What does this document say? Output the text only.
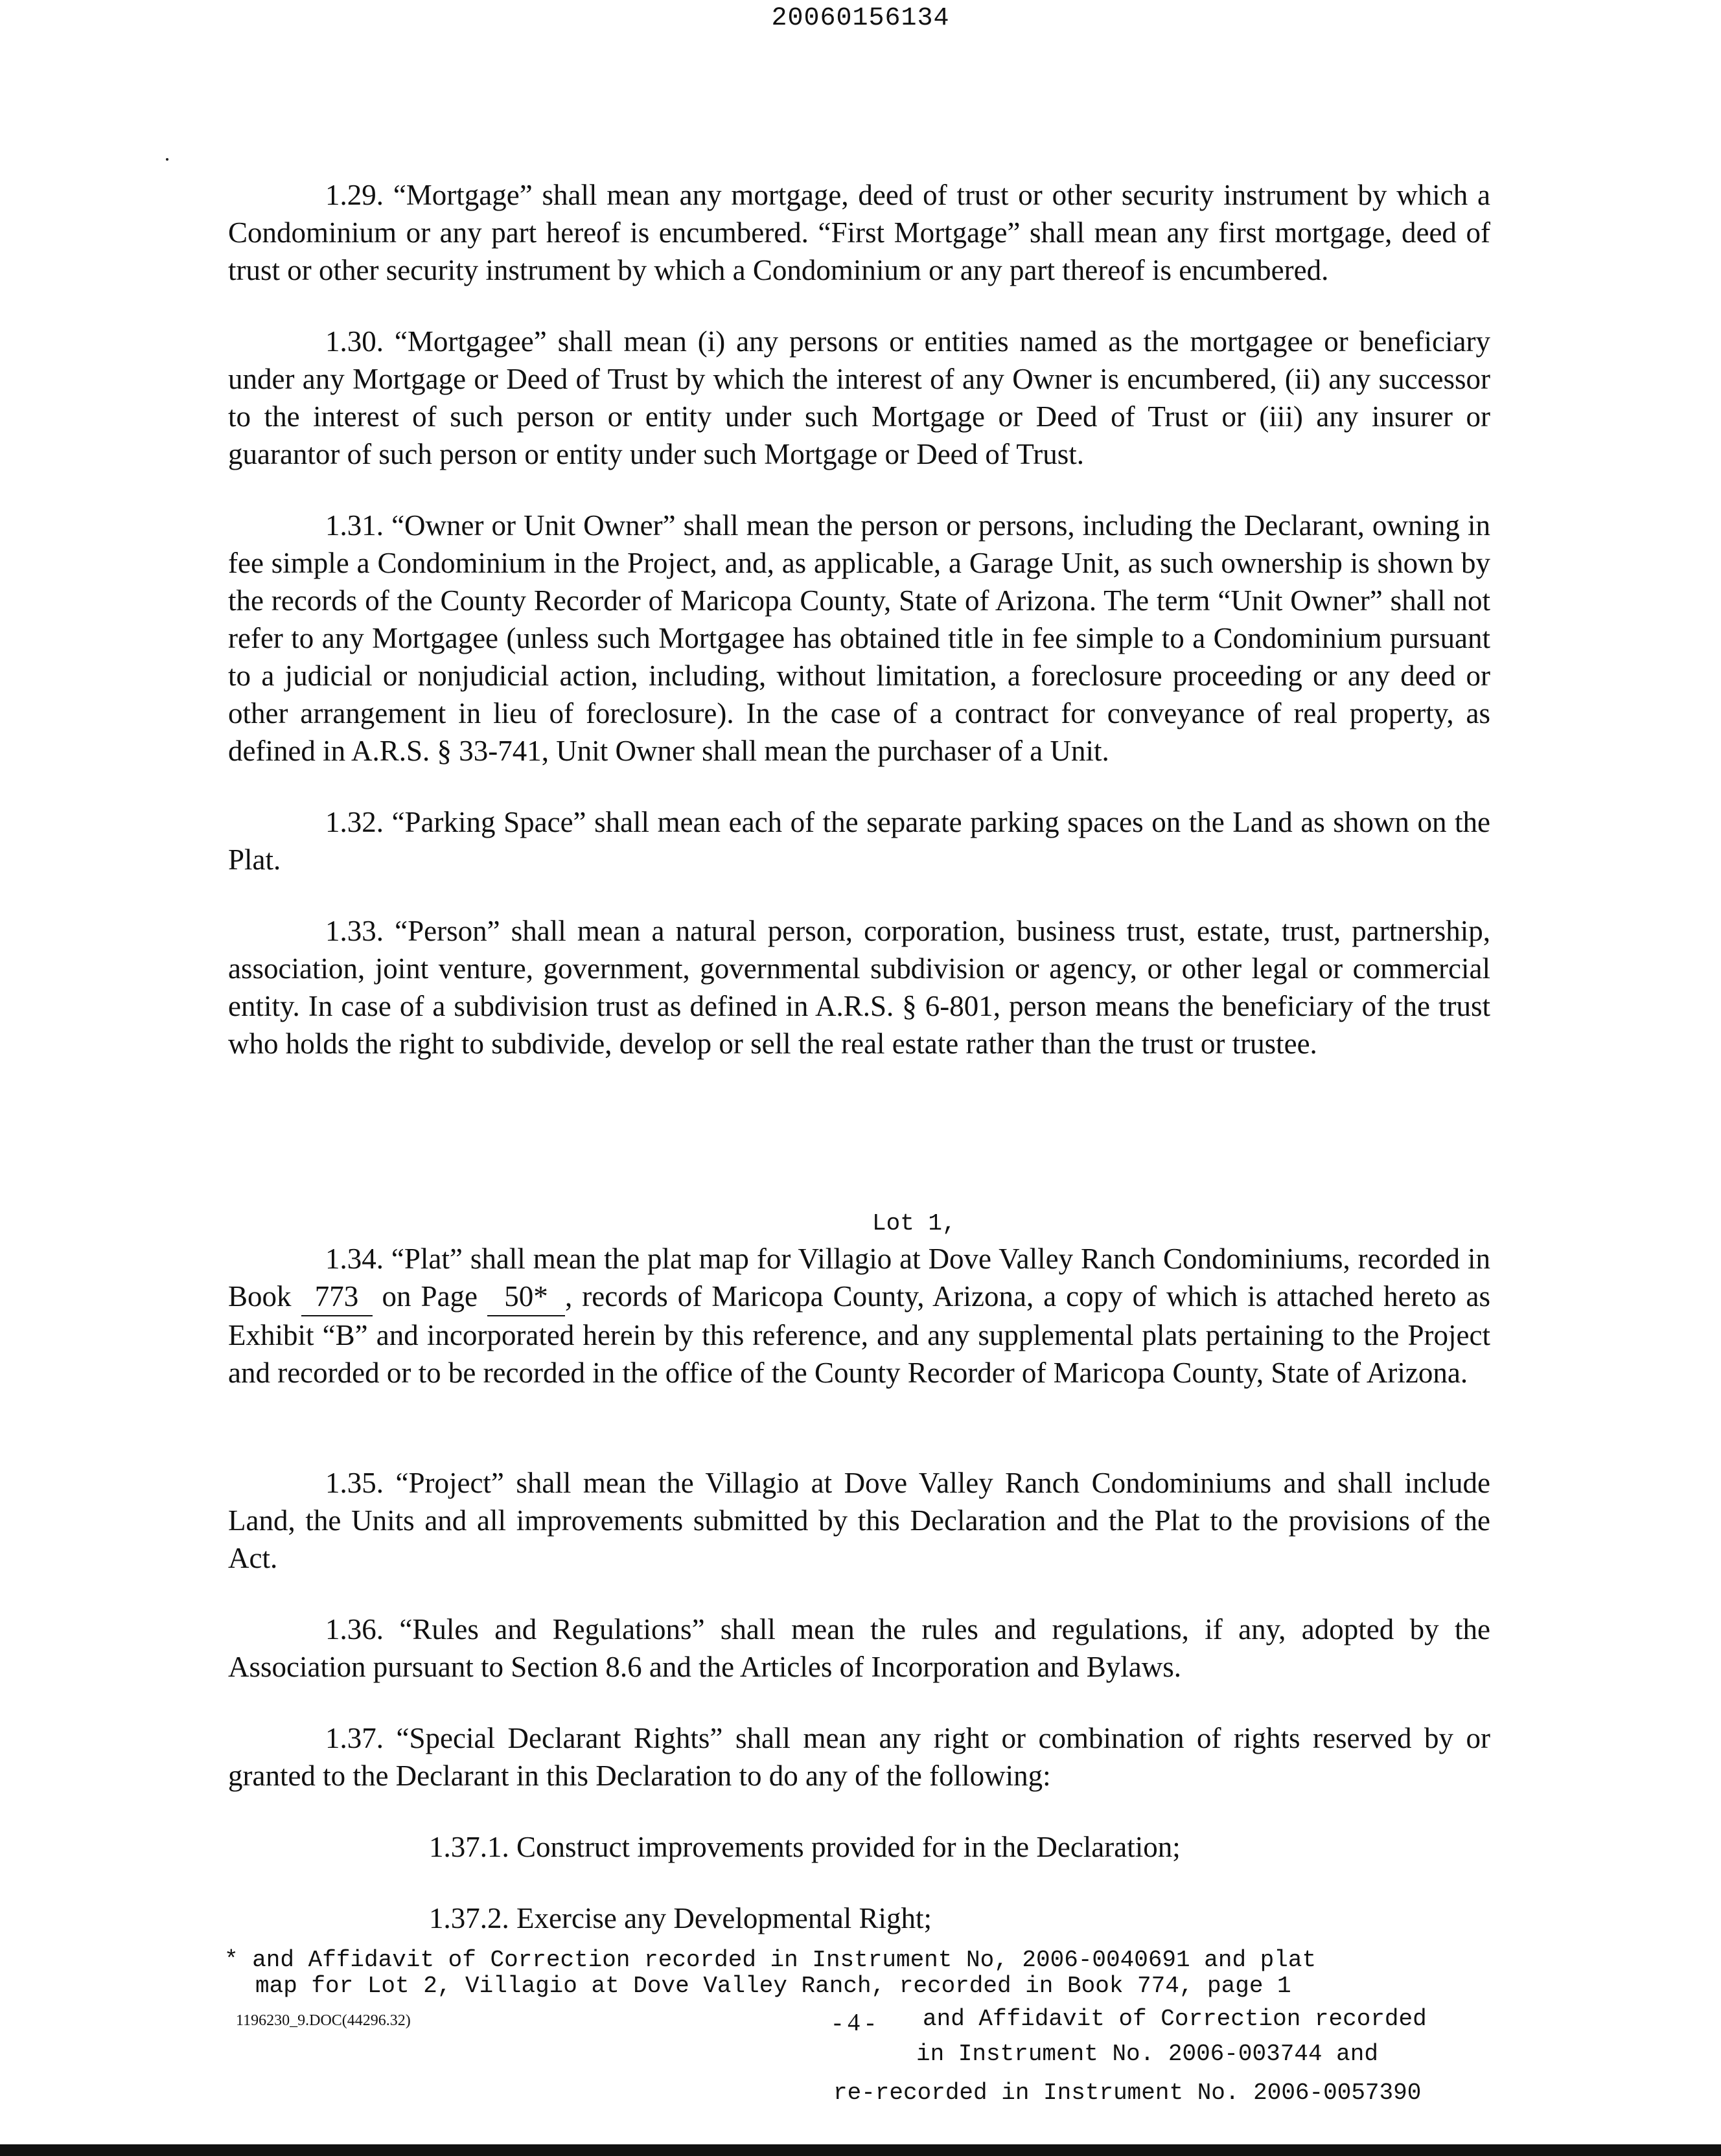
20060156134

1.29. “Mortgage” shall mean any mortgage, deed of trust or other security instrument by which a Condominium or any part hereof is encumbered. “First Mortgage” shall mean any first mortgage, deed of trust or other security instrument by which a Condominium or any part thereof is encumbered.

1.30. “Mortgagee” shall mean (i) any persons or entities named as the mortgagee or beneficiary under any Mortgage or Deed of Trust by which the interest of any Owner is encumbered, (ii) any successor to the interest of such person or entity under such Mortgage or Deed of Trust or (iii) any insurer or guarantor of such person or entity under such Mortgage or Deed of Trust.

1.31. “Owner or Unit Owner” shall mean the person or persons, including the Declarant, owning in fee simple a Condominium in the Project, and, as applicable, a Garage Unit, as such ownership is shown by the records of the County Recorder of Maricopa County, State of Arizona. The term “Unit Owner” shall not refer to any Mortgagee (unless such Mortgagee has obtained title in fee simple to a Condominium pursuant to a judicial or nonjudicial action, including, without limitation, a foreclosure proceeding or any deed or other arrangement in lieu of foreclosure). In the case of a contract for conveyance of real property, as defined in A.R.S. § 33-741, Unit Owner shall mean the purchaser of a Unit.

1.32. “Parking Space” shall mean each of the separate parking spaces on the Land as shown on the Plat.

1.33. “Person” shall mean a natural person, corporation, business trust, estate, trust, partnership, association, joint venture, government, governmental subdivision or agency, or other legal or commercial entity. In case of a subdivision trust as defined in A.R.S. § 6-801, person means the beneficiary of the trust who holds the right to subdivide, develop or sell the real estate rather than the trust or trustee.

Lot 1,

1.34. “Plat” shall mean the plat map for Villagio at Dove Valley Ranch Condominiums, recorded in Book 773 on Page 50* , records of Maricopa County, Arizona, a copy of which is attached hereto as Exhibit “B” and incorporated herein by this reference, and any supplemental plats pertaining to the Project and recorded or to be recorded in the office of the County Recorder of Maricopa County, State of Arizona.

1.35. “Project” shall mean the Villagio at Dove Valley Ranch Condominiums and shall include Land, the Units and all improvements submitted by this Declaration and the Plat to the provisions of the Act.

1.36. “Rules and Regulations” shall mean the rules and regulations, if any, adopted by the Association pursuant to Section 8.6 and the Articles of Incorporation and Bylaws.

1.37. “Special Declarant Rights” shall mean any right or combination of rights reserved by or granted to the Declarant in this Declaration to do any of the following:

1.37.1. Construct improvements provided for in the Declaration;

1.37.2. Exercise any Developmental Right;

* and Affidavit of Correction recorded in Instrument No, 2006-0040691 and plat
map for Lot 2, Villagio at Dove Valley Ranch, recorded in Book 774, page 1
1196230_9.DOC(44296.32)	- 4 - and Affidavit of Correction recorded
in Instrument No. 2006-003744 and
re-recorded in Instrument No. 2006-0057390
